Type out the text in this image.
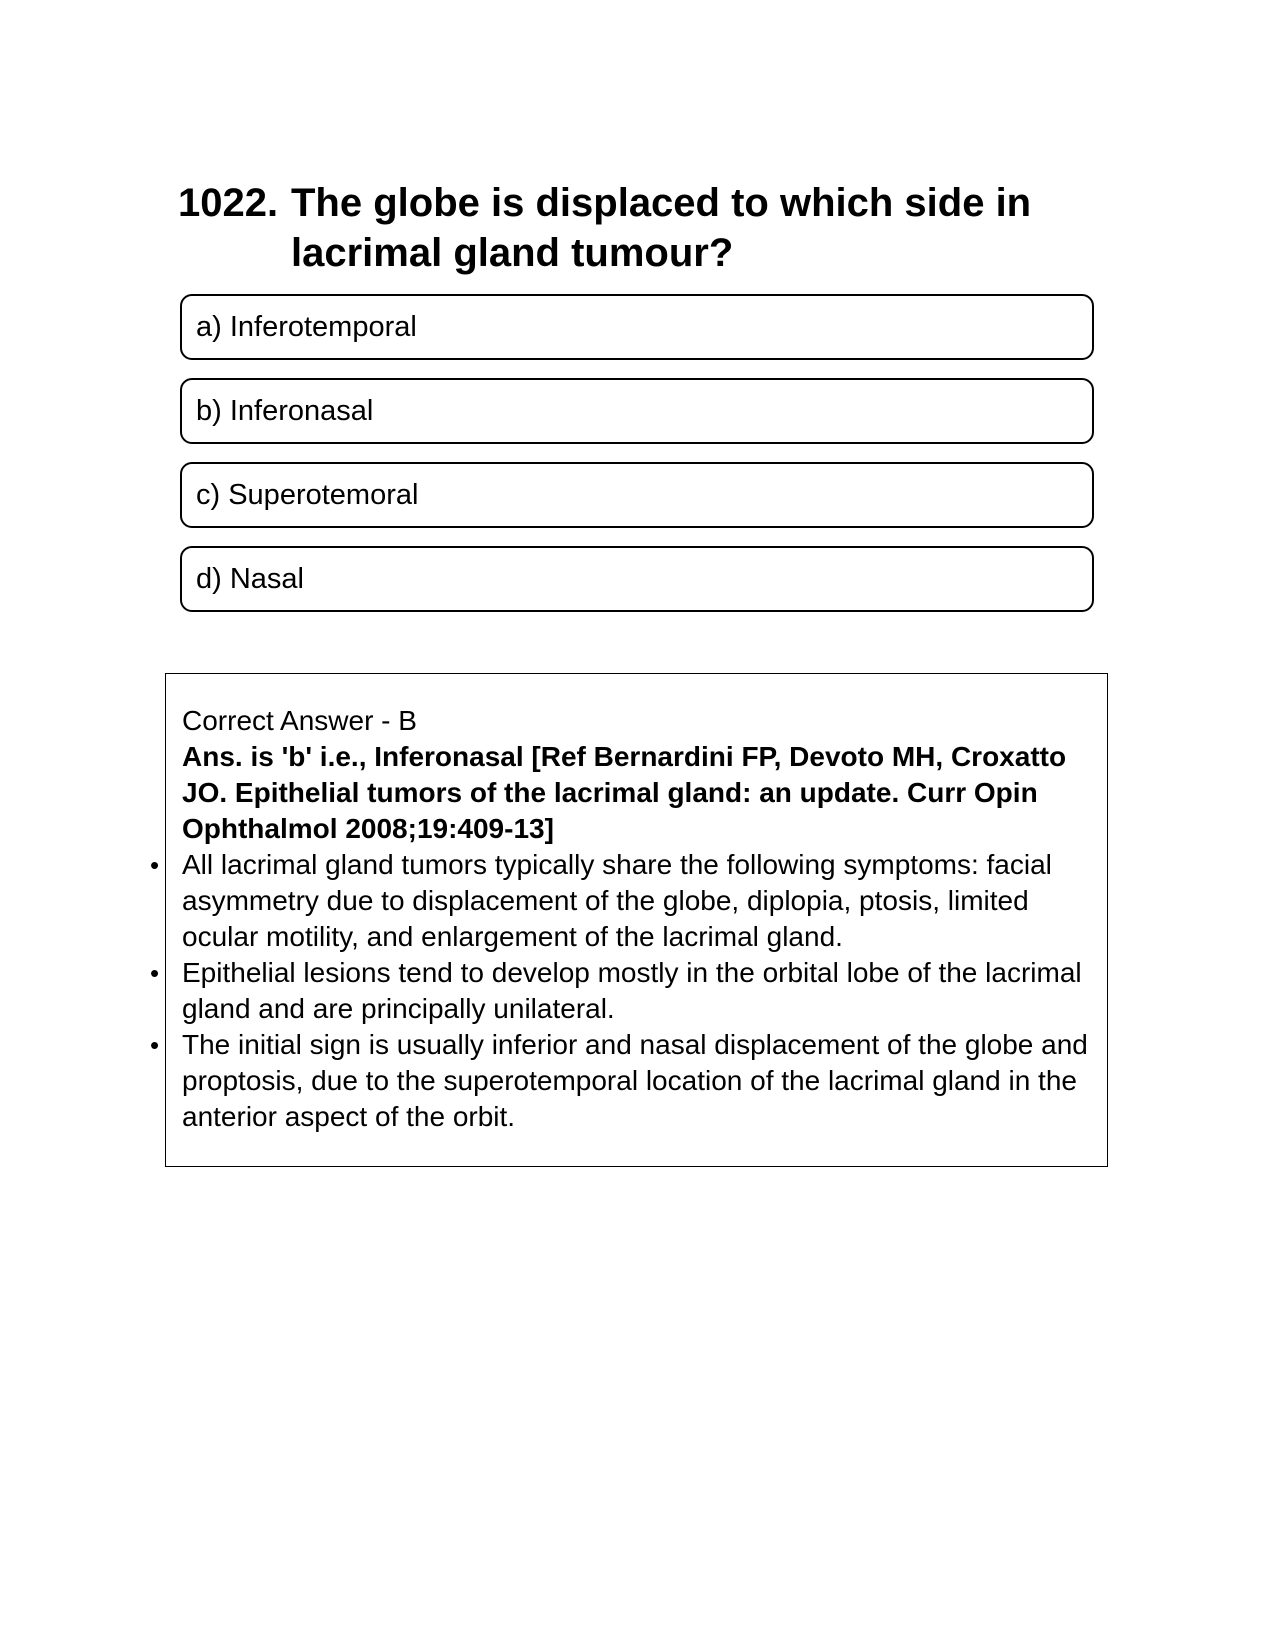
1022. The globe is displaced to which side in lacrimal gland tumour?
a) Inferotemporal
b) Inferonasal
c) Superotemoral
d) Nasal
Correct Answer - B
Ans. is 'b' i.e., Inferonasal [Ref Bernardini FP, Devoto MH, Croxatto JO. Epithelial tumors of the lacrimal gland: an update. Curr Opin Ophthalmol 2008;19:409-13]
• All lacrimal gland tumors typically share the following symptoms: facial asymmetry due to displacement of the globe, diplopia, ptosis, limited ocular motility, and enlargement of the lacrimal gland.
• Epithelial lesions tend to develop mostly in the orbital lobe of the lacrimal gland and are principally unilateral.
• The initial sign is usually inferior and nasal displacement of the globe and proptosis, due to the superotemporal location of the lacrimal gland in the anterior aspect of the orbit.
